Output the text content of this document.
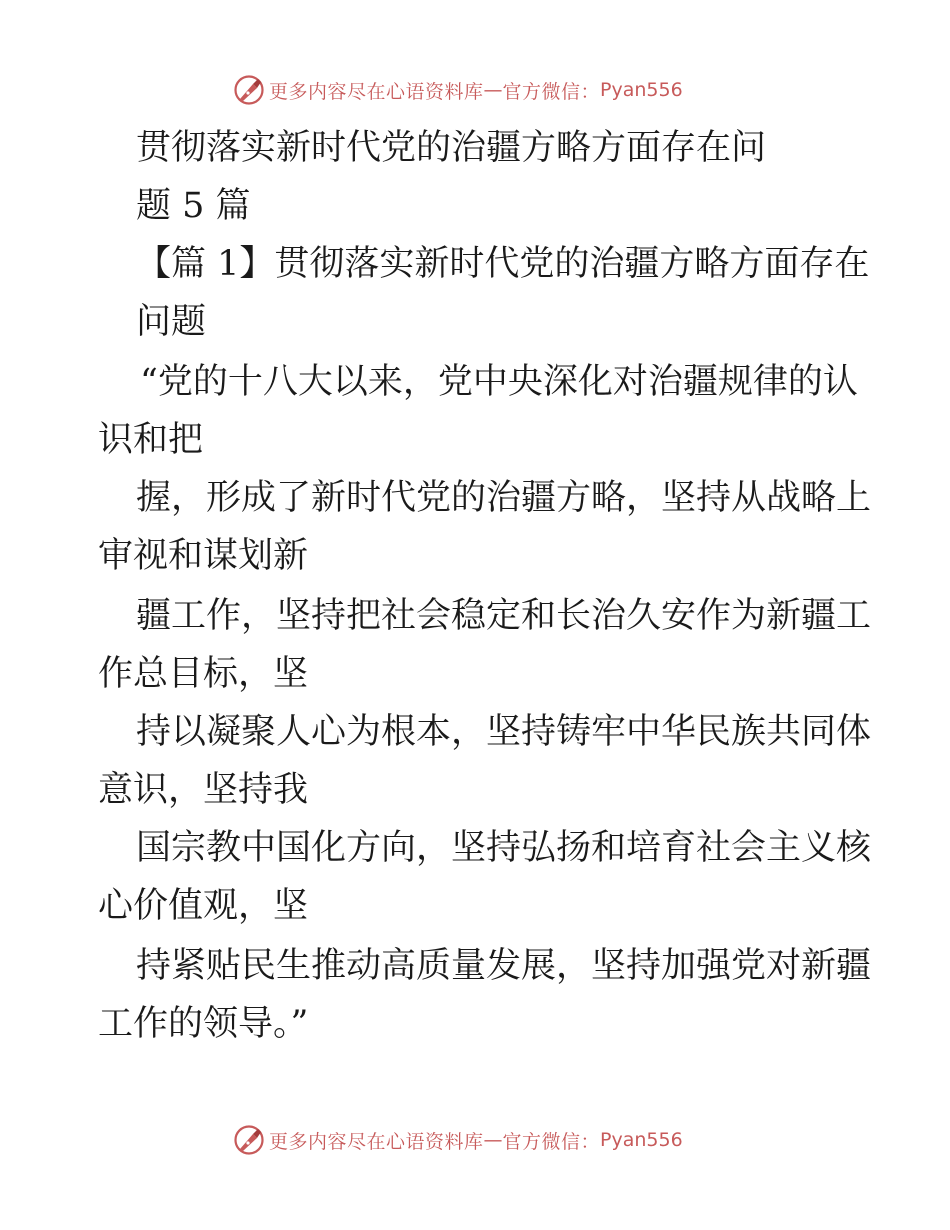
更多内容尽在心语资料库 — 官方微信： Pyan556
贯彻落实新时代党的治疆方略方面存在问
题 5 篇
【篇 1】贯彻落实新时代党的治疆方略方面存在
问题
“党的十八大以来，党中央深化对治疆规律的认
识和把
握，形成了新时代党的治疆方略，坚持从战略上
审视和谋划新
疆工作，坚持把社会稳定和长治久安作为新疆工
作总目标，坚
持以凝聚人心为根本，坚持铸牢中华民族共同体
意识，坚持我
国宗教中国化方向，坚持弘扬和培育社会主义核
心价值观，坚
持紧贴民生推动高质量发展，坚持加强党对新疆
工作的领导。”
更多内容尽在心语资料库 — 官方微信： Pyan556
